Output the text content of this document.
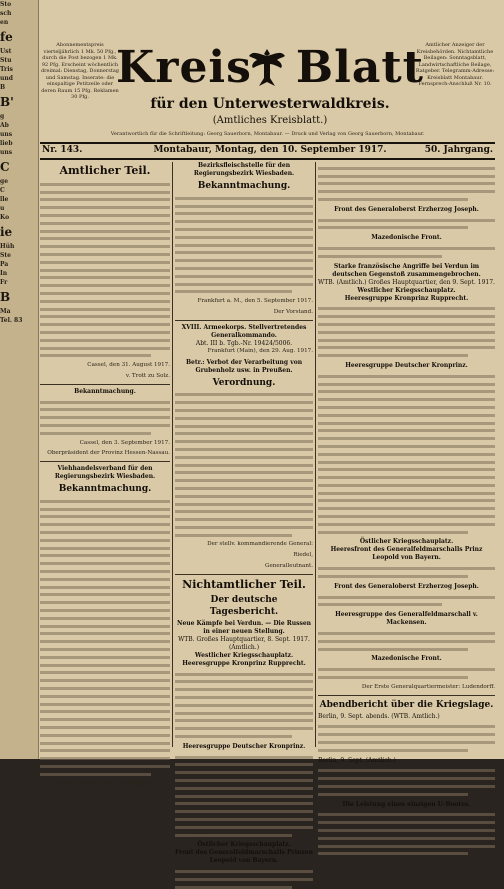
Sto
sch
en
fe
Ust
Stu
Tris
und
B
B'
g
Ab
uns
lieb
uns
C
ge
C
lle
u
Ko
ie
Hüh
Ste
Pa
In
Fr
B
Ma
Tel. 83
Abonnementspreis vierteljährlich 1 Mk. 50 Pfg., durch die Post bezogen 1 Mk. 92 Pfg. Erscheint wöchentlich dreimal: Dienstag, Donnerstag und Samstag. Inserate: die einspaltige Petitzeile oder deren Raum 15 Pfg. Reklamen 30 Pfg.
Kreis Blatt Amtlicher Anzeiger der Kreisbehörden. Nichtamtliche Beilagen: Sonntagsblatt, Landwirtschaftliche Beilage, Ratgeber. Telegramm-Adresse: Kreisblatt Montabaur. Fernsprech-Anschluß Nr. 10.
für den Unterwesterwaldkreis.
(Amtliches Kreisblatt.)
Verantwortlich für die Schriftleitung: Georg Sauerborn, Montabaur. — Druck und Verlag von Georg Sauerborn, Montabaur.
Nr. 143.	Montabaur, Montag, den 10. September 1917.	50. Jahrgang.
Amtlicher Teil.
Cassel, den 31. August 1917.
v. Trott zu Solz.
Bekanntmachung.
Cassel, den 3. September 1917.
Oberpräsident der Provinz Hessen-Nassau.
Viehhandelsverband für den Regierungsbezirk Wiesbaden.
Bekanntmachung.
Frankfurt (Main), den 3. September 1917.
Bezirksfleischstelle für den Regierungsbezirk Wiesbaden.
Bekanntmachung.
Frankfurt a. M., den 5. September 1917.
Der Vorstand.
XVIII. Armeekorps. Stellvertretendes Generalkommando.
Abt. III b. Tgb.-Nr. 19424/5006.
Frankfurt (Main), den 29. Aug. 1917.
Betr.: Verbot der Verarbeitung von Grubenholz usw. in Preußen.
Verordnung.
Der stellv. kommandierende General:
Riedel,
Generalleutnant.
Nichtamtlicher Teil.
Der deutsche Tagesbericht.
Neue Kämpfe bei Verdun. — Die Russen in einer neuen Stellung.
WTB. Großes Hauptquartier, 8. Sept. 1917. (Amtlich.)
Westlicher Kriegsschauplatz.
Heeresgruppe Kronprinz Rupprecht.
Heeresgruppe Deutscher Kronprinz.
Östlicher Kriegsschauplatz.
Front des Generalfeldmarschalls Prinzen Leopold von Bayern.
Front des Generaloberst Erzherzog Joseph.
Mazedonische Front.
Starke französische Angriffe bei Verdun im deutschen Gegenstoß zusammengebrochen.
WTB. (Amtlich.) Großes Hauptquartier, den 9. Sept. 1917.
Westlicher Kriegsschauplatz.
Heeresgruppe Kronprinz Rupprecht.
Heeresgruppe Deutscher Kronprinz.
Östlicher Kriegsschauplatz.
Heeresfront des Generalfeldmarschalls Prinz Leopold von Bayern.
Front des Generaloberst Erzherzog Joseph.
Heeresgruppe des Generalfeldmarschall v. Mackensen.
Mazedonische Front.
Der Erste Generalquartiermeister: Ludendorff.
Abendbericht über die Kriegslage.
Berlin, 9. Sept. abends. (WTB. Amtlich.)
Berlin, 9. Sept. (Amtlich.)
Die Leistung eines einzigen U-Bootes.
